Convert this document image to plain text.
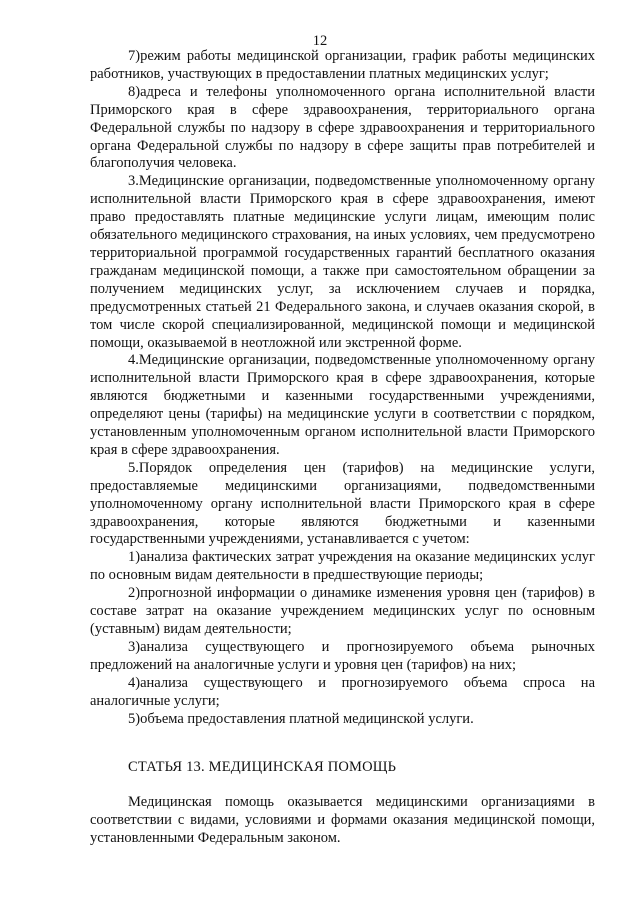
12

7)режим работы медицинской организации, график работы медицинских работников, участвующих в предоставлении платных медицинских услуг;

8)адреса и телефоны уполномоченного органа исполнительной власти Приморского края в сфере здравоохранения, территориального органа Федеральной службы по надзору в сфере здравоохранения и территориального органа Федеральной службы по надзору в сфере защиты прав потребителей и благополучия человека.

3.Медицинские организации, подведомственные уполномоченному органу исполнительной власти Приморского края в сфере здравоохранения, имеют право предоставлять платные медицинские услуги лицам, имеющим полис обязательного медицинского страхования, на иных условиях, чем предусмотрено территориальной программой государственных гарантий бесплатного оказания гражданам медицинской помощи, а также при самостоятельном обращении за получением медицинских услуг, за исключением случаев и порядка, предусмотренных статьей 21 Федерального закона, и случаев оказания скорой, в том числе скорой специализированной, медицинской помощи и медицинской помощи, оказываемой в неотложной или экстренной форме.

4.Медицинские организации, подведомственные уполномоченному органу исполнительной власти Приморского края в сфере здравоохранения, которые являются бюджетными и казенными государственными учреждениями, определяют цены (тарифы) на медицинские услуги в соответствии с порядком, установленным уполномоченным органом исполнительной власти Приморского края в сфере здравоохранения.

5.Порядок определения цен (тарифов) на медицинские услуги, предоставляемые медицинскими организациями, подведомственными уполномоченному органу исполнительной власти Приморского края в сфере здравоохранения, которые являются бюджетными и казенными государственными учреждениями, устанавливается с учетом:

1)анализа фактических затрат учреждения на оказание медицинских услуг по основным видам деятельности в предшествующие периоды;

2)прогнозной информации о динамике изменения уровня цен (тарифов) в составе затрат на оказание учреждением медицинских услуг по основным (уставным) видам деятельности;

3)анализа существующего и прогнозируемого объема рыночных предложений на аналогичные услуги и уровня цен (тарифов) на них;

4)анализа существующего и прогнозируемого объема спроса на аналогичные услуги;

5)объема предоставления платной медицинской услуги.

СТАТЬЯ 13. МЕДИЦИНСКАЯ ПОМОЩЬ

Медицинская помощь оказывается медицинскими организациями в соответствии с видами, условиями и формами оказания медицинской помощи, установленными Федеральным законом.
